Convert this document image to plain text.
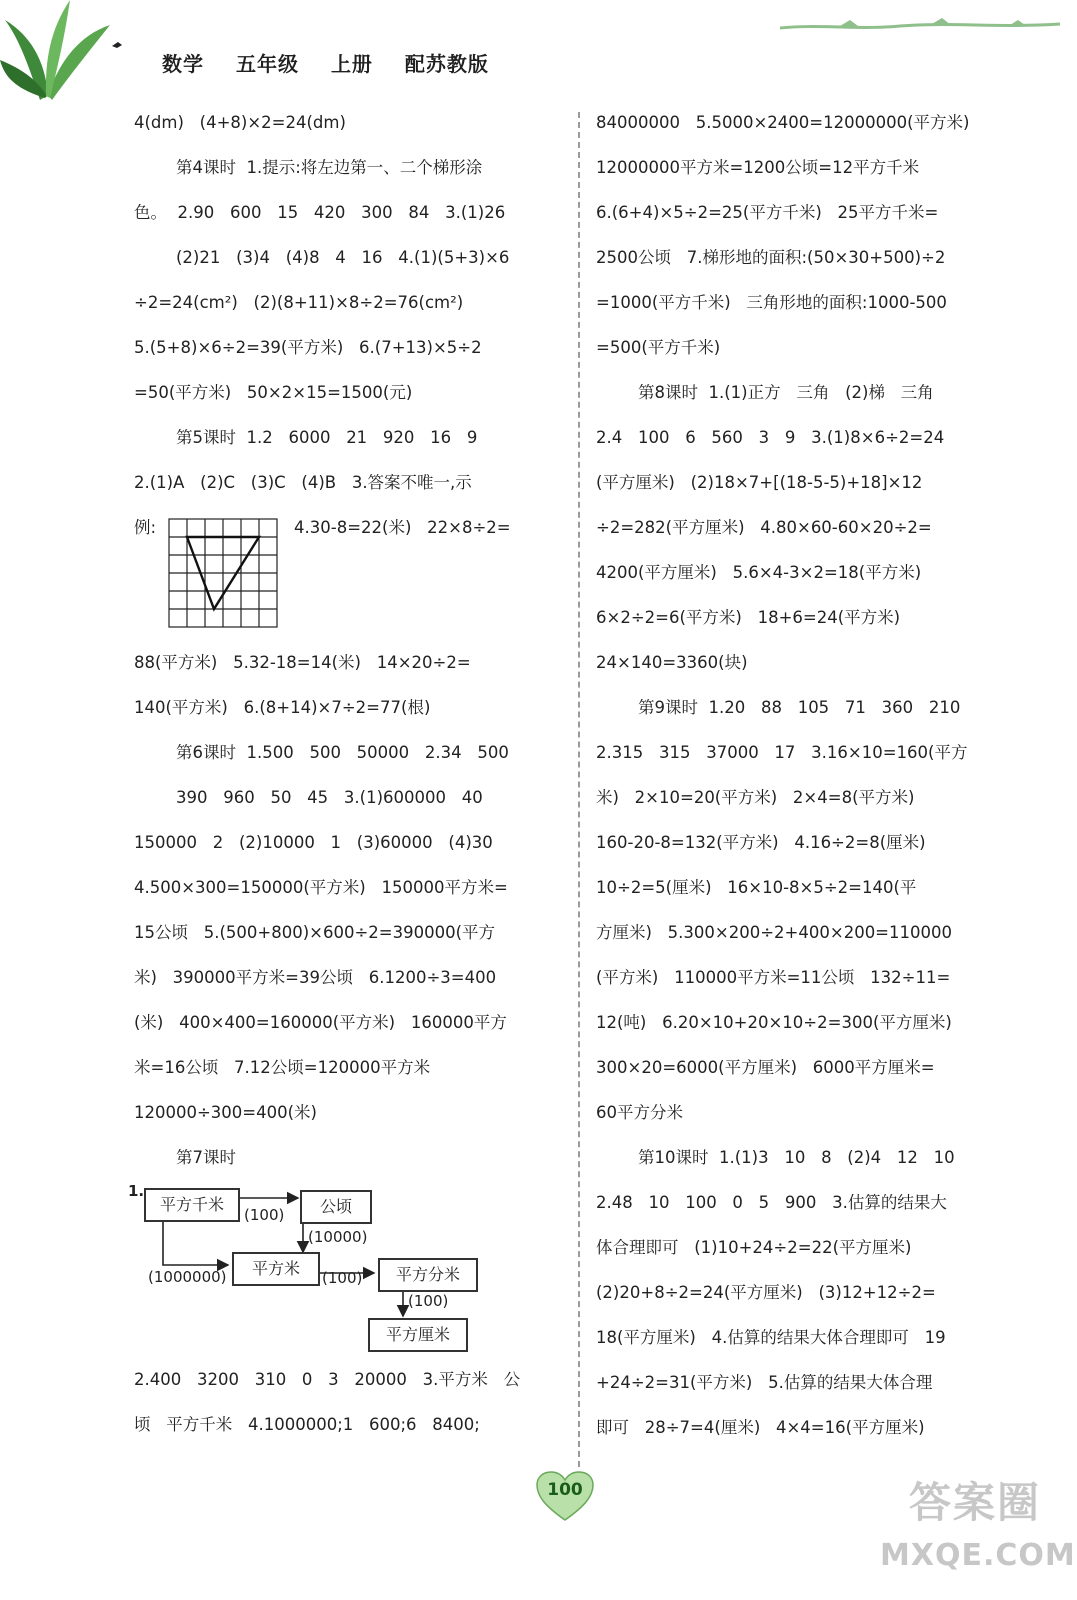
数学 五年级 上册 配苏教版
4(dm)   (4+8)×2=24(dm)
第4课时  1.提示:将左边第一、二个梯形涂
色。  2.90   600   15   420   300   84   3.(1)26
(2)21   (3)4   (4)8   4   16   4.(1)(5+3)×6
÷2=24(cm²)   (2)(8+11)×8÷2=76(cm²)
5.(5+8)×6÷2=39(平方米)   6.(7+13)×5÷2
=50(平方米)   50×2×15=1500(元)
第5课时  1.2   6000   21   920   16   9
2.(1)A   (2)C   (3)C   (4)B   3.答案不唯一,示
例:	4.30-8=22(米)   22×8÷2=
88(平方米)   5.32-18=14(米)   14×20÷2=
140(平方米)   6.(8+14)×7÷2=77(根)
第6课时  1.500   500   50000   2.34   500
390   960   50   45   3.(1)600000   40
150000   2   (2)10000   1   (3)60000   (4)30
4.500×300=150000(平方米)   150000平方米=
15公顷   5.(500+800)×600÷2=390000(平方
米)   390000平方米=39公顷   6.1200÷3=400
(米)   400×400=160000(平方米)   160000平方
米=16公顷   7.12公顷=120000平方米
120000÷300=400(米)
第7课时
1.
平方千米	公顷
平方米	平方分米
平方厘米
(100)
(10000)
(1000000)	(100)
(100)
2.400   3200   310   0   3   20000   3.平方米   公
顷   平方千米   4.1000000;1   600;6   8400;
84000000   5.5000×2400=12000000(平方米)
12000000平方米=1200公顷=12平方千米
6.(6+4)×5÷2=25(平方千米)   25平方千米=
2500公顷   7.梯形地的面积:(50×30+500)÷2
=1000(平方千米)   三角形地的面积:1000-500
=500(平方千米)
第8课时  1.(1)正方   三角   (2)梯   三角
2.4   100   6   560   3   9   3.(1)8×6÷2=24
(平方厘米)   (2)18×7+[(18-5-5)+18]×12
÷2=282(平方厘米)   4.80×60-60×20÷2=
4200(平方厘米)   5.6×4-3×2=18(平方米)
6×2÷2=6(平方米)   18+6=24(平方米)
24×140=3360(块)
第9课时  1.20   88   105   71   360   210
2.315   315   37000   17   3.16×10=160(平方
米)   2×10=20(平方米)   2×4=8(平方米)
160-20-8=132(平方米)   4.16÷2=8(厘米)
10÷2=5(厘米)   16×10-8×5÷2=140(平
方厘米)   5.300×200÷2+400×200=110000
(平方米)   110000平方米=11公顷   132÷11=
12(吨)   6.20×10+20×10÷2=300(平方厘米)
300×20=6000(平方厘米)   6000平方厘米=
60平方分米
第10课时  1.(1)3   10   8   (2)4   12   10
2.48   10   100   0   5   900   3.估算的结果大
体合理即可   (1)10+24÷2=22(平方厘米)
(2)20+8÷2=24(平方厘米)   (3)12+12÷2=
18(平方厘米)   4.估算的结果大体合理即可   19
+24÷2=31(平方米)   5.估算的结果大体合理
即可   28÷7=4(厘米)   4×4=16(平方厘米)
100	答案圈
MXQE.COM
